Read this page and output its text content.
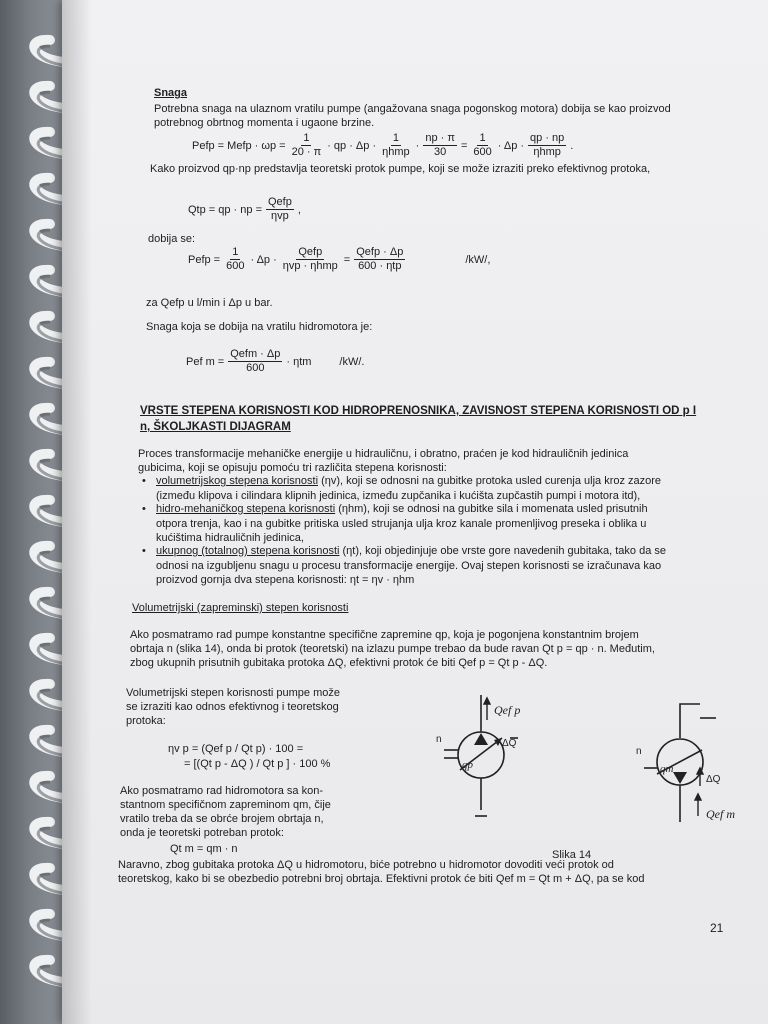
Snaga
Potrebna snaga na ulaznom vratilu pumpe (angažovana snaga pogonskog motora) dobija se kao proizvod
potrebnog obrtnog momenta i ugaone brzine.
Pefp = Mefp · $\omega p = \frac{1}{20 \cdot \pi}$ · qp · $\Delta p \cdot \frac{1}{\text{ηhmp}} \cdot \frac{np \cdot \pi}{30} = \frac{1}{600} \cdot \Delta p \cdot \frac{qp \cdot np}{\text{ηhmp}}$ .
Kako proizvod qp·np predstavlja teoretski protok pumpe, koji se može izraziti preko efektivnog protoka,
Qtp = qp · np = $\frac{\text{Qefp}}{\text{ηvp}}$ ,
dobija se:
Pefp = $\frac{1}{600} \cdot \Delta p \cdot \frac{\text{Qefp}}{\text{ηvp · ηhmp}} = \frac{\text{Qefp · Δp}}{\text{600 · ηtp}}$	/kW/,
za Qefp u l/min i Δp u bar.
Snaga koja se dobija na vratilu hidromotora je:
Pef $m = \frac{\text{Qefm · Δp}}{600} \cdot \eta tm$	/kW/.
VRSTE STEPENA KORISNOSTI KOD HIDROPRENOSNIKA, ZAVISNOST STEPENA KORISNOSTI OD p I
n, ŠKOLJKASTI DIJAGRAM
Proces transformacije mehaničke energije u hidrauličnu, i obratno, praćen je kod hidrauličnih jedinica
gubicima, koji se opisuju pomoću tri različita stepena korisnosti:
• volumetrijskog stepena korisnosti (ηv), koji se odnosni na gubitke protoka usled curenja ulja kroz zazore
(između klipova i cilindara klipnih jedinica, između zupčanika i kućišta zupčastih pumpi i motora itd),
• hidro-mehaničkog stepena korisnosti (ηhm), koji se odnosi na gubitke sila i momenata usled prisutnih
otpora trenja, kao i na gubitke pritiska usled strujanja ulja kroz kanale promenljivog preseka i oblika u
kućištima hidrauličnih jedinica,
• ukupnog (totalnog) stepena korisnosti (ηt), koji objedinjuje obe vrste gore navedenih gubitaka, tako da se
odnosi na izgubljenu snagu u procesu transformacije energije. Ovaj stepen korisnosti se izračunava kao
proizvod gornja dva stepena korisnosti: ηt = ηv · ηhm
Volumetrijski (zapreminski) stepen korisnosti
Ako posmatramo rad pumpe konstantne specifične zapremine qp, koja je pogonjena konstantnim brojem
obrtaja n (slika 14), onda bi protok (teoretski) na izlazu pumpe trebao da bude ravan Qt p = qp · n. Međutim,
zbog ukupnih prisutnih gubitaka protoka ΔQ, efektivni protok će biti Qef p = Qt p - ΔQ.
Volumetrijski stepen korisnosti pumpe može
se izraziti kao odnos efektivnog i teoretskog
protoka:
ηv p = (Qef p / Qt p) · 100 =
= [(Qt p - ΔQ ) / Qt p ] · 100 %
Ako posmatramo rad hidromotora sa kon-
stantnom specifičnom zapreminom qm, čije
vratilo treba da se obrće brojem obrtaja n,
onda je teoretski potreban protok:
Qt m = qm · n
Naravno, zbog gubitaka protoka ΔQ u hidromotoru, biće potrebno u hidromotor dovoditi veći protok od
teoretskog, kako bi se obezbedio potrebni broj obrtaja. Efektivni protok će biti Qef m = Qt m + ΔQ, pa se kod
Qef p
n	ΔQ
qp
n
qm
ΔQ
Qef m
Slika 14
21
